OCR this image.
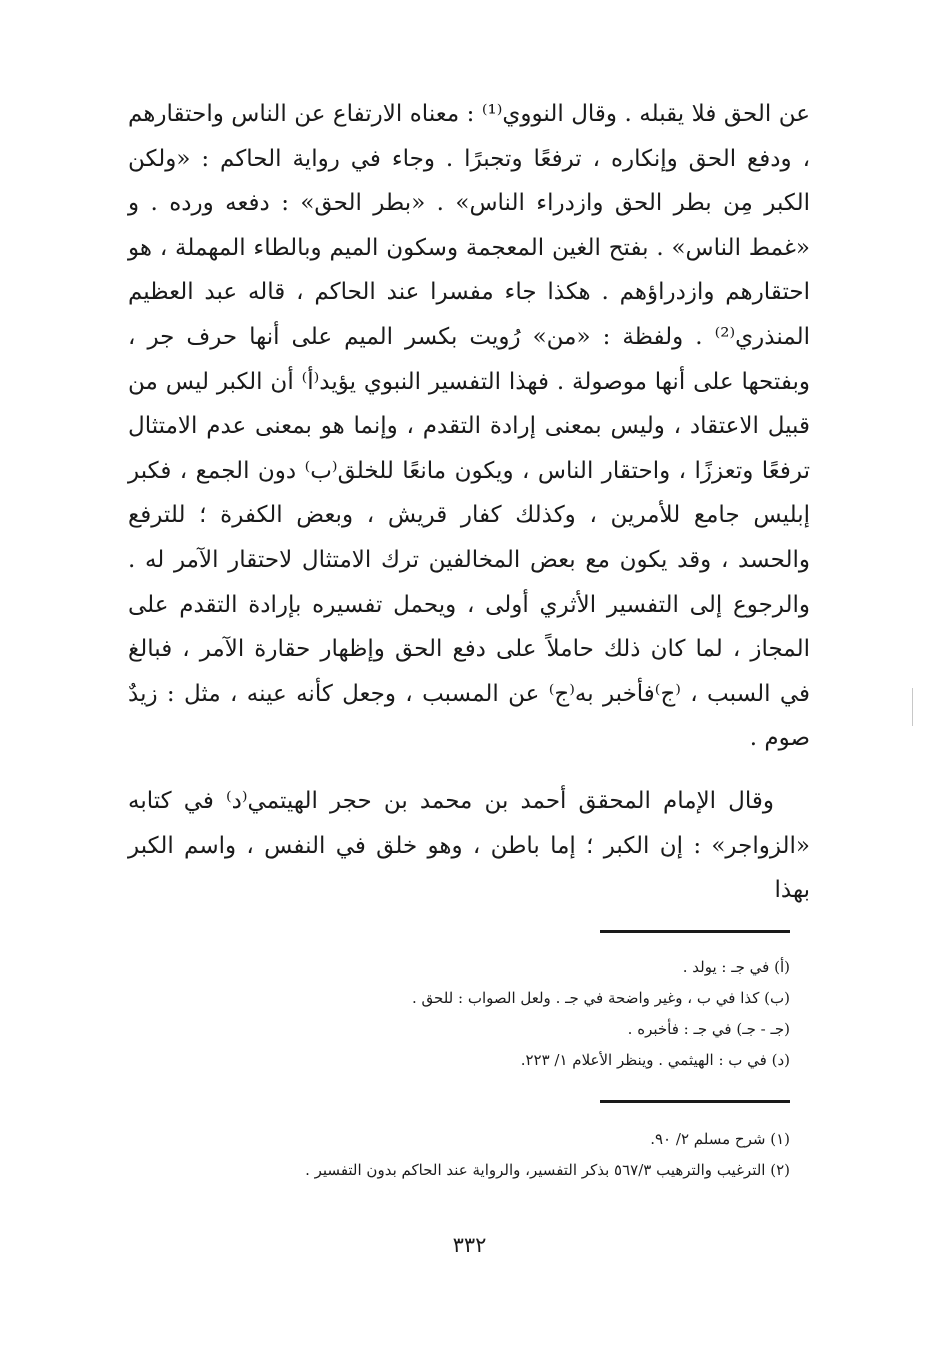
عن الحق فلا يقبله . وقال النووي⁽¹⁾ : معناه الارتفاع عن الناس واحتقارهم ، ودفع الحق وإنكاره ، ترفعًا وتجبرًا . وجاء في رواية الحاكم : «ولكن الكبر مِن بطر الحق وازدراء الناس» . «بطر الحق» : دفعه ورده . و «غمط الناس» . بفتح الغين المعجمة وسكون الميم وبالطاء المهملة ، هو احتقارهم وازدراؤهم . هكذا جاء مفسرا عند الحاكم ، قاله عبد العظيم المنذري⁽²⁾ . ولفظة : «من» رُويت بكسر الميم على أنها حرف جر ، وبفتحها على أنها موصولة . فهذا التفسير النبوي يؤيد⁽أ⁾ أن الكبر ليس من قبيل الاعتقاد ، وليس بمعنى إرادة التقدم ، وإنما هو بمعنى عدم الامتثال ترفعًا وتعززًا ، واحتقار الناس ، ويكون مانعًا للخلق⁽ب⁾ دون الجمع ، فكبر إبليس جامع للأمرين ، وكذلك كفار قريش ، وبعض الكفرة ؛ للترفع والحسد ، وقد يكون مع بعض المخالفين ترك الامتثال لاحتقار الآمر له . والرجوع إلى التفسير الأثري أولى ، ويحمل تفسيره بإرادة التقدم على المجاز ، لما كان ذلك حاملاً على دفع الحق وإظهار حقارة الآمر ، فبالغ في السبب ، ⁽ج⁾فأخبر به⁽ج⁾ عن المسبب ، وجعل كأنه عينه ، مثل : زيدٌ صوم .

وقال الإمام المحقق أحمد بن محمد بن حجر الهيتمي⁽د⁾ في كتابه «الزواجر» : إن الكبر ؛ إما باطن ، وهو خلق في النفس ، واسم الكبر بهذا

(أ) في جـ : يولد .
(ب) كذا في ب ، وغير واضحة في جـ . ولعل الصواب : للحق .
(جـ - جـ) في جـ : فأخبره .
(د) في ب : الهيثمي . وينظر الأعلام ١/ ٢٢٣.
(١) شرح مسلم ٢/ ٩٠.
(٢) الترغيب والترهيب ٥٦٧/٣ بذكر التفسير، والرواية عند الحاكم بدون التفسير .
٣٣٢
